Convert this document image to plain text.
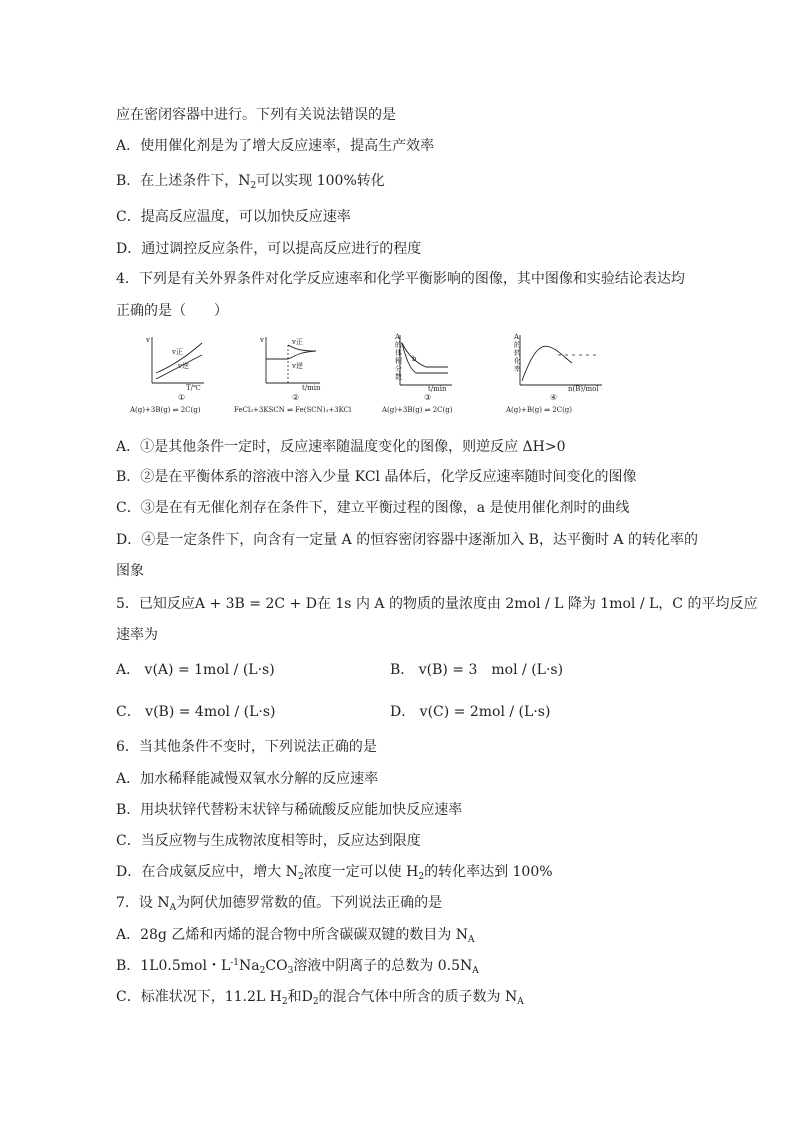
应在密闭容器中进行。下列有关说法错误的是
A．使用催化剂是为了增大反应速率，提高生产效率
B．在上述条件下，$N_2$可以实现 100%转化
C．提高反应温度，可以加快反应速率
D．通过调控反应条件，可以提高反应进行的程度
4．下列是有关外界条件对化学反应速率和化学平衡影响的图像，其中图像和实验结论表达均
正确的是（　　）
v
v正
v逆
T/℃
①
A(g)+3B(g) ⇌ 2C(g)
v	v正
v逆
t/min
②
FeCl₃+3KSCN ⇌ Fe(SCN)₃+3KCl
A的体积分数
b
t/min
③
A(g)+3B(g) ⇌ 2C(g)
A的转化率
n(B)/mol
④
A(g)+B(g) ⇌ 2C(g)
A．①是其他条件一定时，反应速率随温度变化的图像，则逆反应 ΔH>0
B．②是在平衡体系的溶液中溶入少量 KCl 晶体后，化学反应速率随时间变化的图像
C．③是在有无催化剂存在条件下，建立平衡过程的图像，a 是使用催化剂时的曲线
D．④是一定条件下，向含有一定量 A 的恒容密闭容器中逐渐加入 B，达平衡时 A 的转化率的
图象
5．已知反应A + 3B = 2C + D在 1s 内 A 的物质的量浓度由 2mol / L 降为 1mol / L，C 的平均反应
速率为
A． v(A) = 1mol / (L·s)	B． v(B) = 3　mol / (L·s)
C． v(B) = 4mol / (L·s)	D． v(C) = 2mol / (L·s)
6．当其他条件不变时，下列说法正确的是
A．加水稀释能减慢双氧水分解的反应速率
B．用块状锌代替粉末状锌与稀硫酸反应能加快反应速率
C．当反应物与生成物浓度相等时，反应达到限度
D．在合成氨反应中，增大 $N_2$浓度一定可以使 $H_2$的转化率达到 100%
7．设 $N_A$为阿伏加德罗常数的值。下列说法正确的是
A．28g 乙烯和丙烯的混合物中所含碳碳双键的数目为 $N_A$
B．1L0.5mol・$L^{-1}Na_2CO_3$溶液中阴离子的总数为 $0.5N_A$
C．标准状况下，11.2L $H_2$和$D_2$的混合气体中所含的质子数为 $N_A$
